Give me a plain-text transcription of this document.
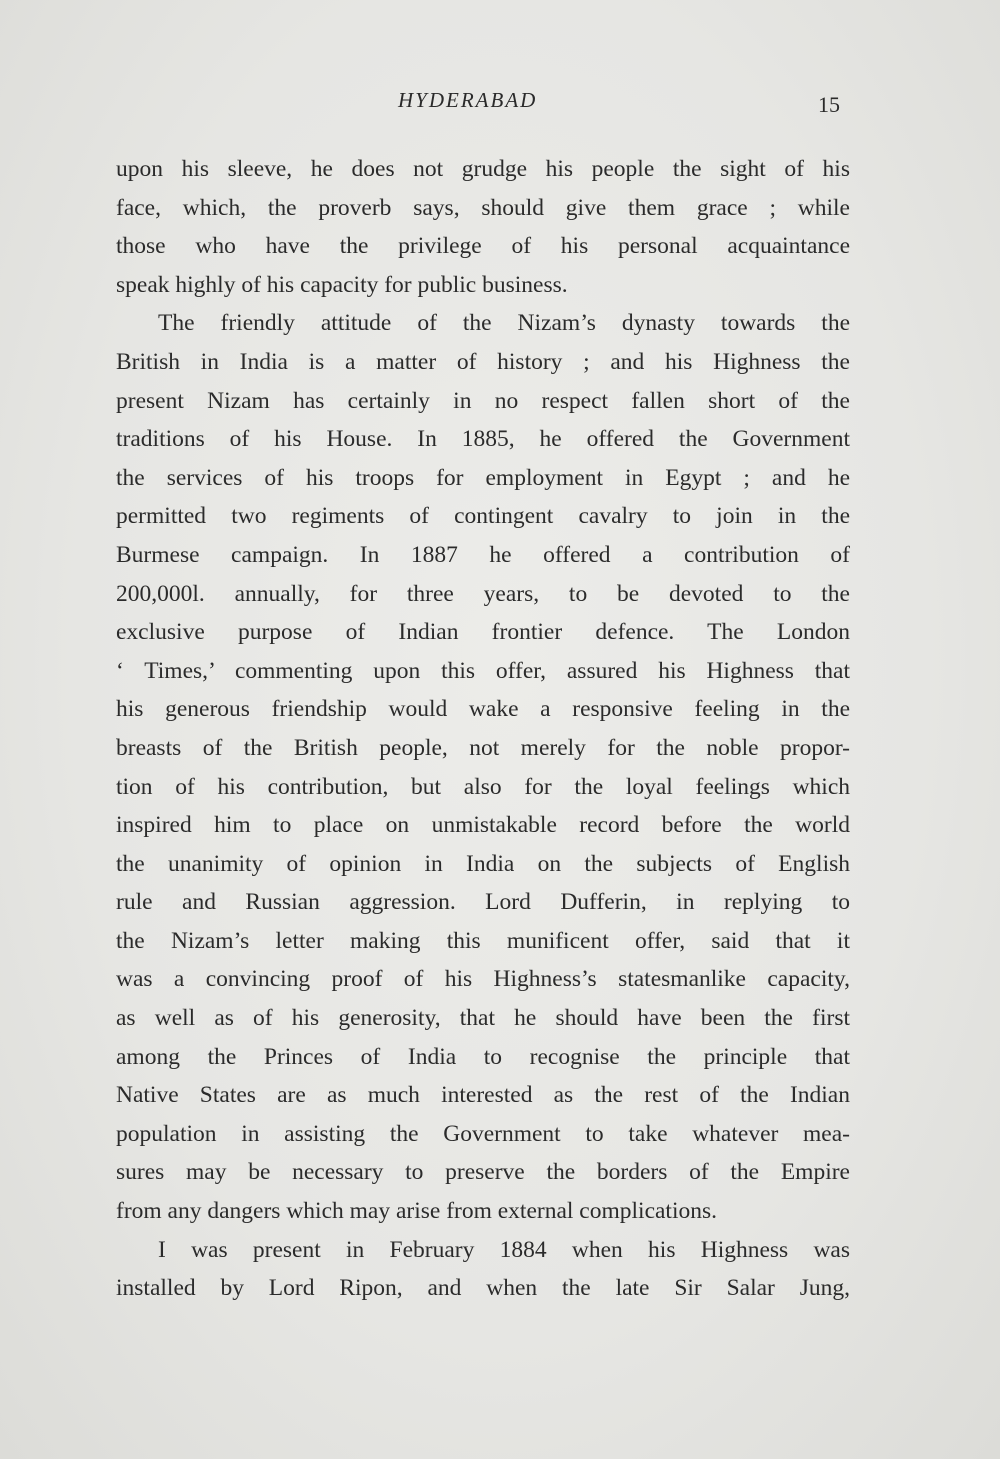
HYDERABAD	15
upon his sleeve, he does not grudge his people the sight of his
face, which, the proverb says, should give them grace ; while
those who have the privilege of his personal acquaintance
speak highly of his capacity for public business.
The friendly attitude of the Nizam’s dynasty towards the
British in India is a matter of history ; and his Highness the
present Nizam has certainly in no respect fallen short of the
traditions of his House. In 1885, he offered the Government
the services of his troops for employment in Egypt ; and he
permitted two regiments of contingent cavalry to join in the
Burmese campaign. In 1887 he offered a contribution of
200,000l. annually, for three years, to be devoted to the
exclusive purpose of Indian frontier defence. The London
‘ Times,’ commenting upon this offer, assured his Highness that
his generous friendship would wake a responsive feeling in the
breasts of the British people, not merely for the noble propor-
tion of his contribution, but also for the loyal feelings which
inspired him to place on unmistakable record before the world
the unanimity of opinion in India on the subjects of English
rule and Russian aggression. Lord Dufferin, in replying to
the Nizam’s letter making this munificent offer, said that it
was a convincing proof of his Highness’s statesmanlike capacity,
as well as of his generosity, that he should have been the first
among the Princes of India to recognise the principle that
Native States are as much interested as the rest of the Indian
population in assisting the Government to take whatever mea-
sures may be necessary to preserve the borders of the Empire
from any dangers which may arise from external complications.
I was present in February 1884 when his Highness was
installed by Lord Ripon, and when the late Sir Salar Jung,
